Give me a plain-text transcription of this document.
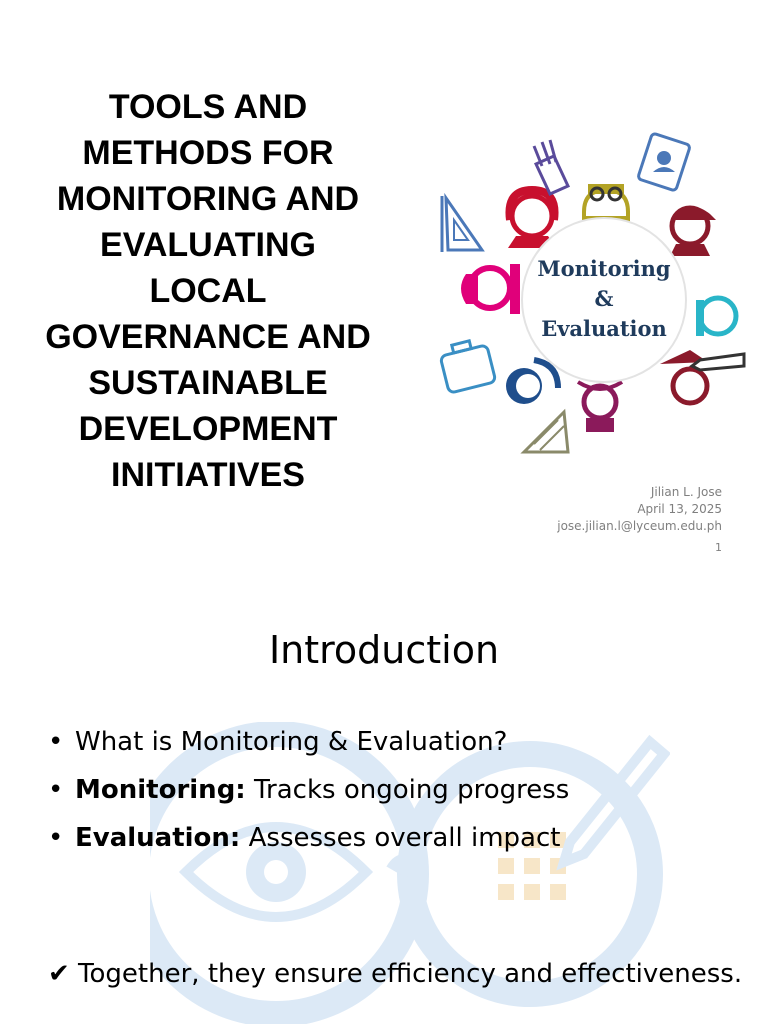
TOOLS AND
METHODS FOR
MONITORING AND
EVALUATING
LOCAL
GOVERNANCE AND
SUSTAINABLE
DEVELOPMENT
INITIATIVES
Monitoring
&
Evaluation
Jilian L. Jose
April 13, 2025
jose.jilian.l@lyceum.edu.ph
1
Introduction
• What is Monitoring & Evaluation?
• Monitoring: Tracks ongoing progress
• Evaluation: Assesses overall impact
✔ Together, they ensure efficiency and effectiveness.
